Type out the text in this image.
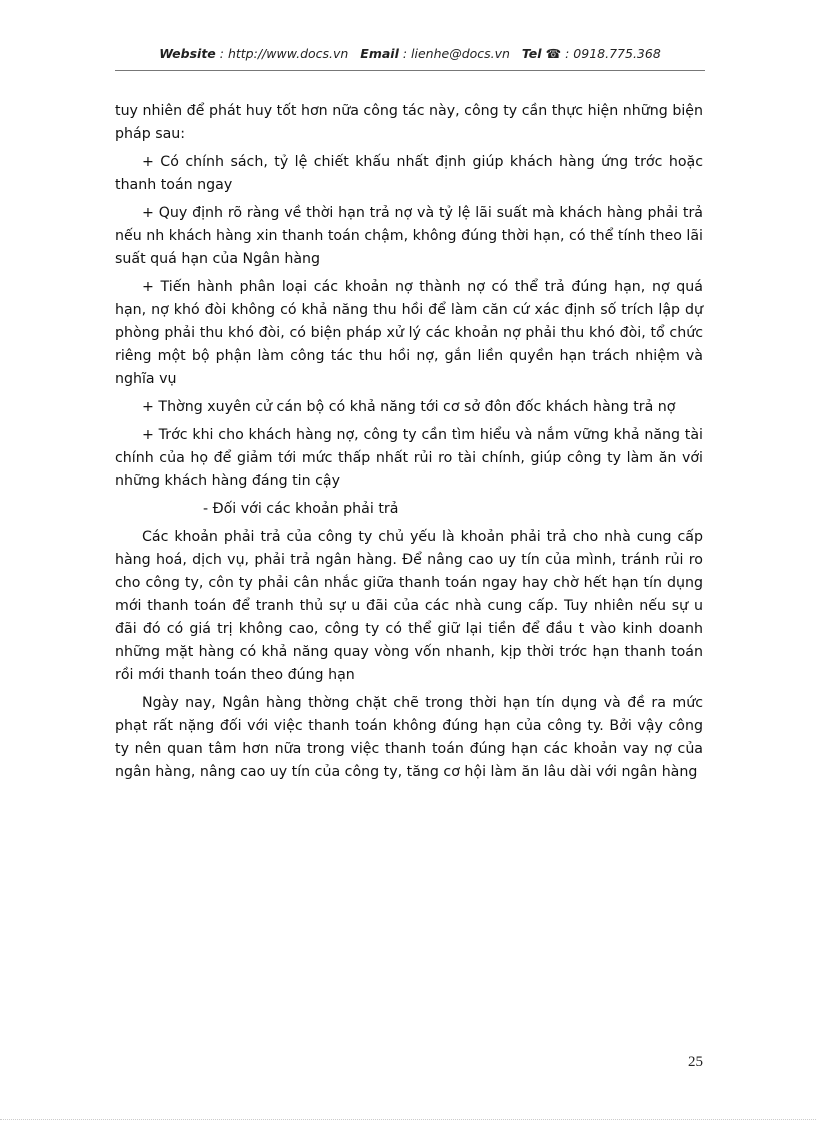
Website : http://www.docs.vn Email : lienhe@docs.vn Tel ☎ : 0918.775.368

tuy nhiên để phát huy tốt hơn nữa công tác này, công ty cần thực hiện những biện pháp sau:

+ Có chính sách, tỷ lệ chiết khấu nhất định giúp khách hàng ứng trớc hoặc thanh toán ngay

+ Quy định rõ ràng về thời hạn trả nợ và tỷ lệ lãi suất mà khách hàng phải trả nếu nh khách hàng xin thanh toán chậm, không đúng thời hạn, có thể tính theo lãi suất quá hạn của Ngân hàng

+ Tiến hành phân loại các khoản nợ thành nợ có thể trả đúng hạn, nợ quá hạn, nợ khó đòi không có khả năng thu hồi để làm căn cứ xác định số trích lập dự phòng phải thu khó đòi, có biện pháp xử lý các khoản nợ phải thu khó đòi, tổ chức riêng một bộ phận làm công tác thu hồi nợ, gắn liền quyền hạn trách nhiệm và nghĩa vụ

+ Thờng xuyên cử cán bộ có khả năng tới cơ sở đôn đốc khách hàng trả nợ

+ Trớc khi cho khách hàng nợ, công ty cần tìm hiểu và nắm vững khả năng tài chính của họ để giảm tới mức thấp nhất rủi ro tài chính, giúp công ty làm ăn với những khách hàng đáng tin cậy

- Đối với các khoản phải trả

Các khoản phải trả của công ty chủ yếu là khoản phải trả cho nhà cung cấp hàng hoá, dịch vụ, phải trả ngân hàng. Để nâng cao uy tín của mình, tránh rủi ro cho công ty, côn ty phải cân nhắc giữa thanh toán ngay hay chờ hết hạn tín dụng mới thanh toán để tranh thủ sự u đãi của các nhà cung cấp. Tuy nhiên nếu sự u đãi đó có giá trị không cao, công ty có thể giữ lại tiền để đầu t vào kinh doanh những mặt hàng có khả năng quay vòng vốn nhanh, kịp thời trớc hạn thanh toán rồi mới thanh toán theo đúng hạn

Ngày nay, Ngân hàng thờng chặt chẽ trong thời hạn tín dụng và đề ra mức phạt rất nặng đối với việc thanh toán không đúng hạn của công ty. Bởi vậy công ty nên quan tâm hơn nữa trong việc thanh toán đúng hạn các khoản vay nợ của ngân hàng, nâng cao uy tín của công ty, tăng cơ hội làm ăn lâu dài với ngân hàng

25
